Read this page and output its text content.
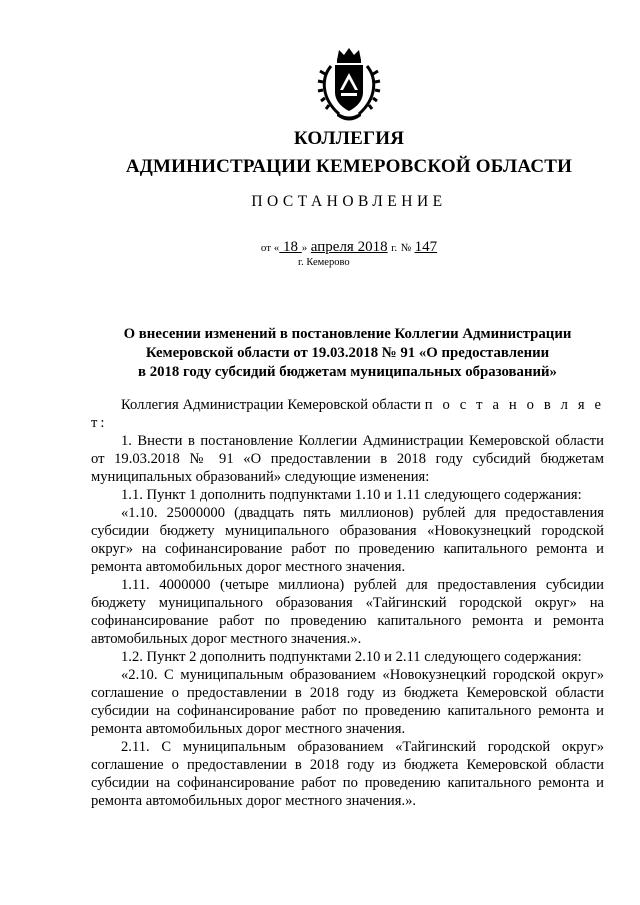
КОЛЛЕГИЯ
АДМИНИСТРАЦИИ КЕМЕРОВСКОЙ ОБЛАСТИ
ПОСТАНОВЛЕНИЕ
от « 18 » апреля 2018 г. № 147
г. Кемерово
О внесении изменений в постановление Коллегии Администрации
Кемеровской области от 19.03.2018 № 91 «О предоставлении
в 2018 году субсидий бюджетам муниципальных образований»

Коллегия Администрации Кемеровской области п о с т а н о в л я е т:

1. Внести в постановление Коллегии Администрации Кемеровской области от 19.03.2018 № 91 «О предоставлении в 2018 году субсидий бюджетам муниципальных образований» следующие изменения:

1.1. Пункт 1 дополнить подпунктами 1.10 и 1.11 следующего содержания:

«1.10. 25000000 (двадцать пять миллионов) рублей для предоставления субсидии бюджету муниципального образования «Новокузнецкий городской округ» на софинансирование работ по проведению капитального ремонта и ремонта автомобильных дорог местного значения.

1.11. 4000000 (четыре миллиона) рублей для предоставления субсидии бюджету муниципального образования «Тайгинский городской округ» на софинансирование работ по проведению капитального ремонта и ремонта автомобильных дорог местного значения.».

1.2. Пункт 2 дополнить подпунктами 2.10 и 2.11 следующего содержания:

«2.10. С муниципальным образованием «Новокузнецкий городской округ» соглашение о предоставлении в 2018 году из бюджета Кемеровской области субсидии на софинансирование работ по проведению капитального ремонта и ремонта автомобильных дорог местного значения.

2.11. С муниципальным образованием «Тайгинский городской округ» соглашение о предоставлении в 2018 году из бюджета Кемеровской области субсидии на софинансирование работ по проведению капитального ремонта и ремонта автомобильных дорог местного значения.».
